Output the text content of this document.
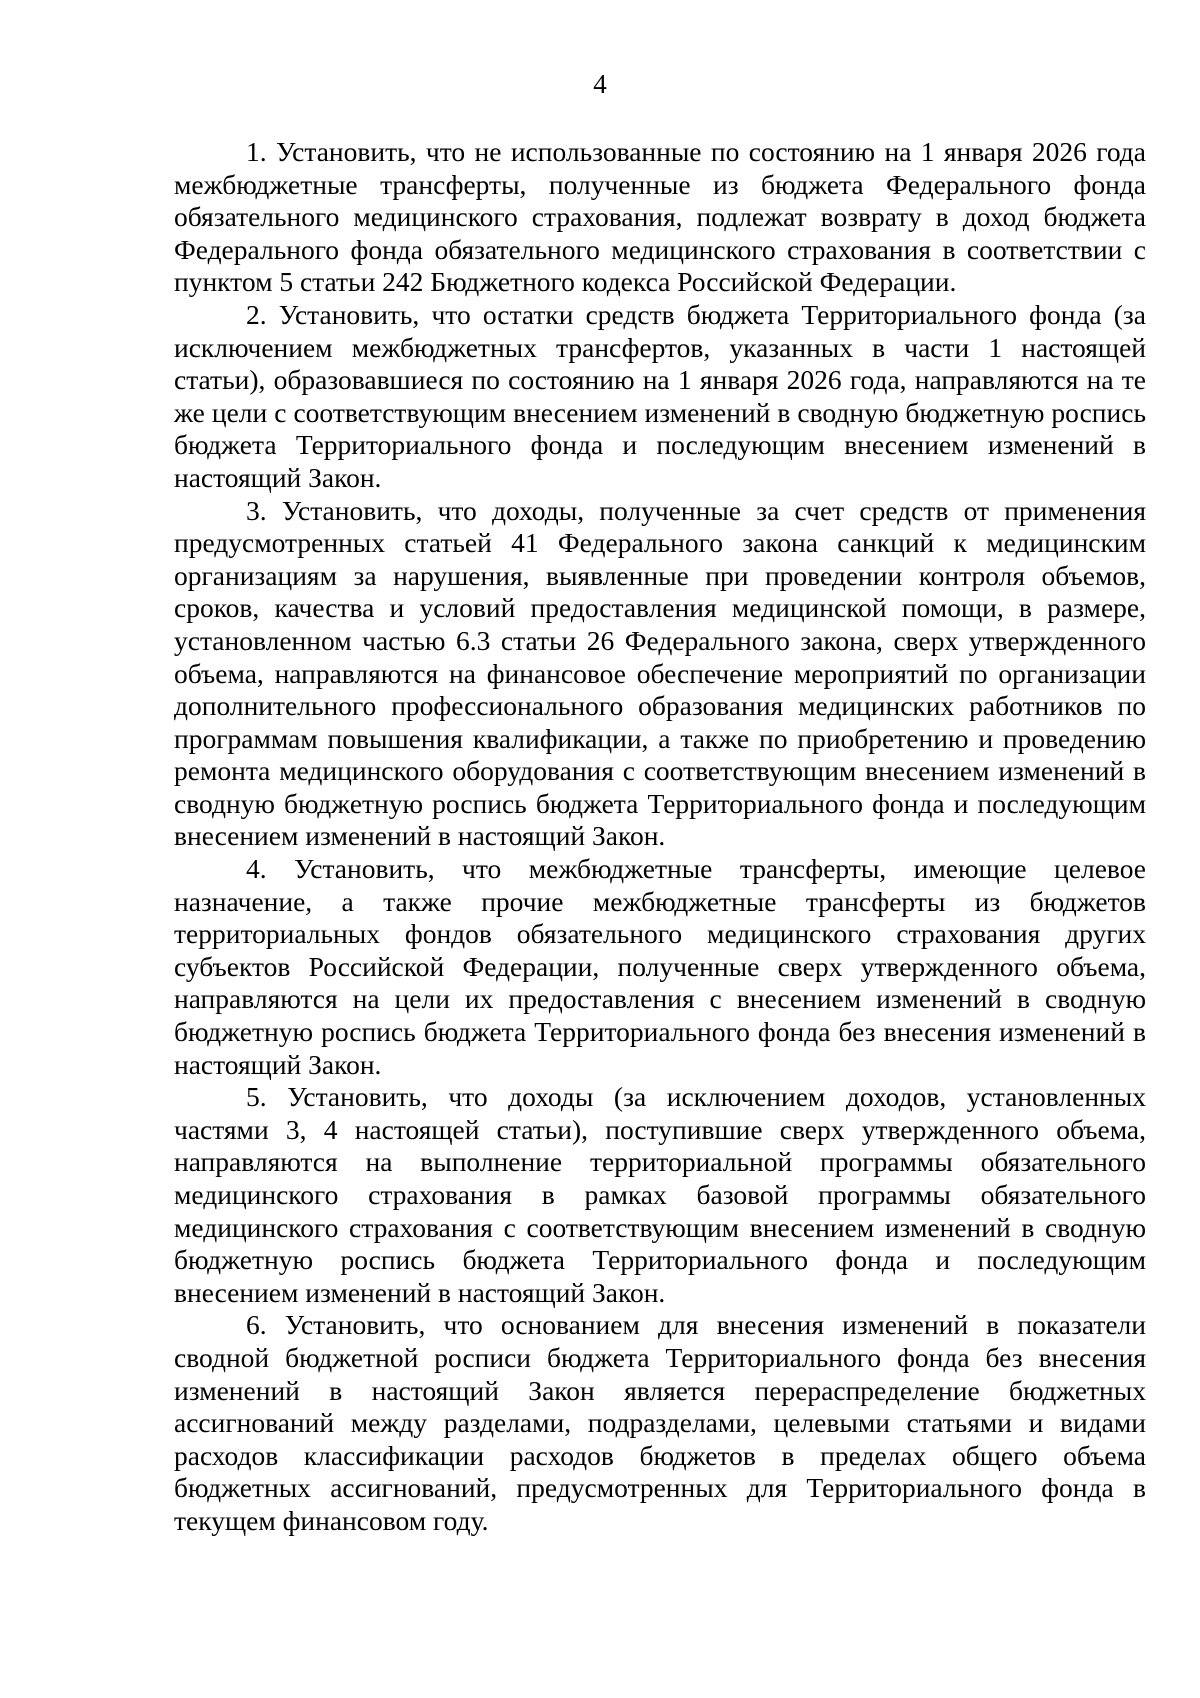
4

1. Установить, что не использованные по состоянию на 1 января 2026 года межбюджетные трансферты, полученные из бюджета Федерального фонда обязательного медицинского страхования, подлежат возврату в доход бюджета Федерального фонда обязательного медицинского страхования в соответствии с пунктом 5 статьи 242 Бюджетного кодекса Российской Федерации.

2. Установить, что остатки средств бюджета Территориального фонда (за исключением межбюджетных трансфертов, указанных в части 1 настоящей статьи), образовавшиеся по состоянию на 1 января 2026 года, направляются на те же цели с соответствующим внесением изменений в сводную бюджетную роспись бюджета Территориального фонда и последующим внесением изменений в настоящий Закон.

3. Установить, что доходы, полученные за счет средств от применения предусмотренных статьей 41 Федерального закона санкций к медицинским организациям за нарушения, выявленные при проведении контроля объемов, сроков, качества и условий предоставления медицинской помощи, в размере, установленном частью 6.3 статьи 26 Федерального закона, сверх утвержденного объема, направляются на финансовое обеспечение мероприятий по организации дополнительного профессионального образования медицинских работников по программам повышения квалификации, а также по приобретению и проведению ремонта медицинского оборудования с соответствующим внесением изменений в сводную бюджетную роспись бюджета Территориального фонда и последующим внесением изменений в настоящий Закон.

4. Установить, что межбюджетные трансферты, имеющие целевое назначение, а также прочие межбюджетные трансферты из бюджетов территориальных фондов обязательного медицинского страхования других субъектов Российской Федерации, полученные сверх утвержденного объема, направляются на цели их предоставления с внесением изменений в сводную бюджетную роспись бюджета Территориального фонда без внесения изменений в настоящий Закон.

5. Установить, что доходы (за исключением доходов, установленных частями 3, 4 настоящей статьи), поступившие сверх утвержденного объема, направляются на выполнение территориальной программы обязательного медицинского страхования в рамках базовой программы обязательного медицинского страхования с соответствующим внесением изменений в сводную бюджетную роспись бюджета Территориального фонда и последующим внесением изменений в настоящий Закон.

6. Установить, что основанием для внесения изменений в показатели сводной бюджетной росписи бюджета Территориального фонда без внесения изменений в настоящий Закон является перераспределение бюджетных ассигнований между разделами, подразделами, целевыми статьями и видами расходов классификации расходов бюджетов в пределах общего объема бюджетных ассигнований, предусмотренных для Территориального фонда в текущем финансовом году.
